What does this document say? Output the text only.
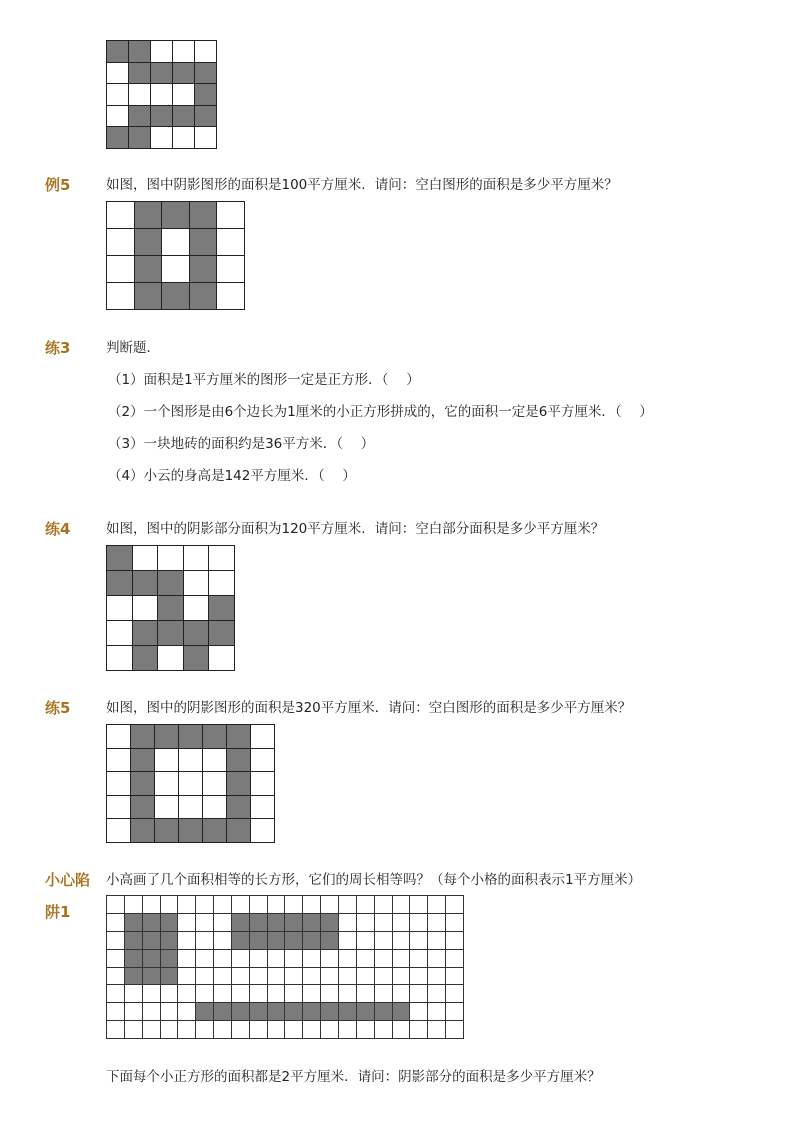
例5	如图，图中阴影图形的面积是100平方厘米．请问：空白图形的面积是多少平方厘米？
练3	判断题．
（1）面积是1平方厘米的图形一定是正方形．（　 ）
（2）一个图形是由6个边长为1厘米的小正方形拼成的，它的面积一定是6平方厘米．（　 ）
（3）一块地砖的面积约是36平方米．（　 ）
（4）小云的身高是142平方厘米．（　 ）
练4	如图，图中的阴影部分面积为120平方厘米．请问：空白部分面积是多少平方厘米？
练5	如图，图中的阴影图形的面积是320平方厘米．请问：空白图形的面积是多少平方厘米？
小心陷
阱1
小高画了几个面积相等的长方形，它们的周长相等吗？（每个小格的面积表示1平方厘米）
下面每个小正方形的面积都是2平方厘米．请问：阴影部分的面积是多少平方厘米？
